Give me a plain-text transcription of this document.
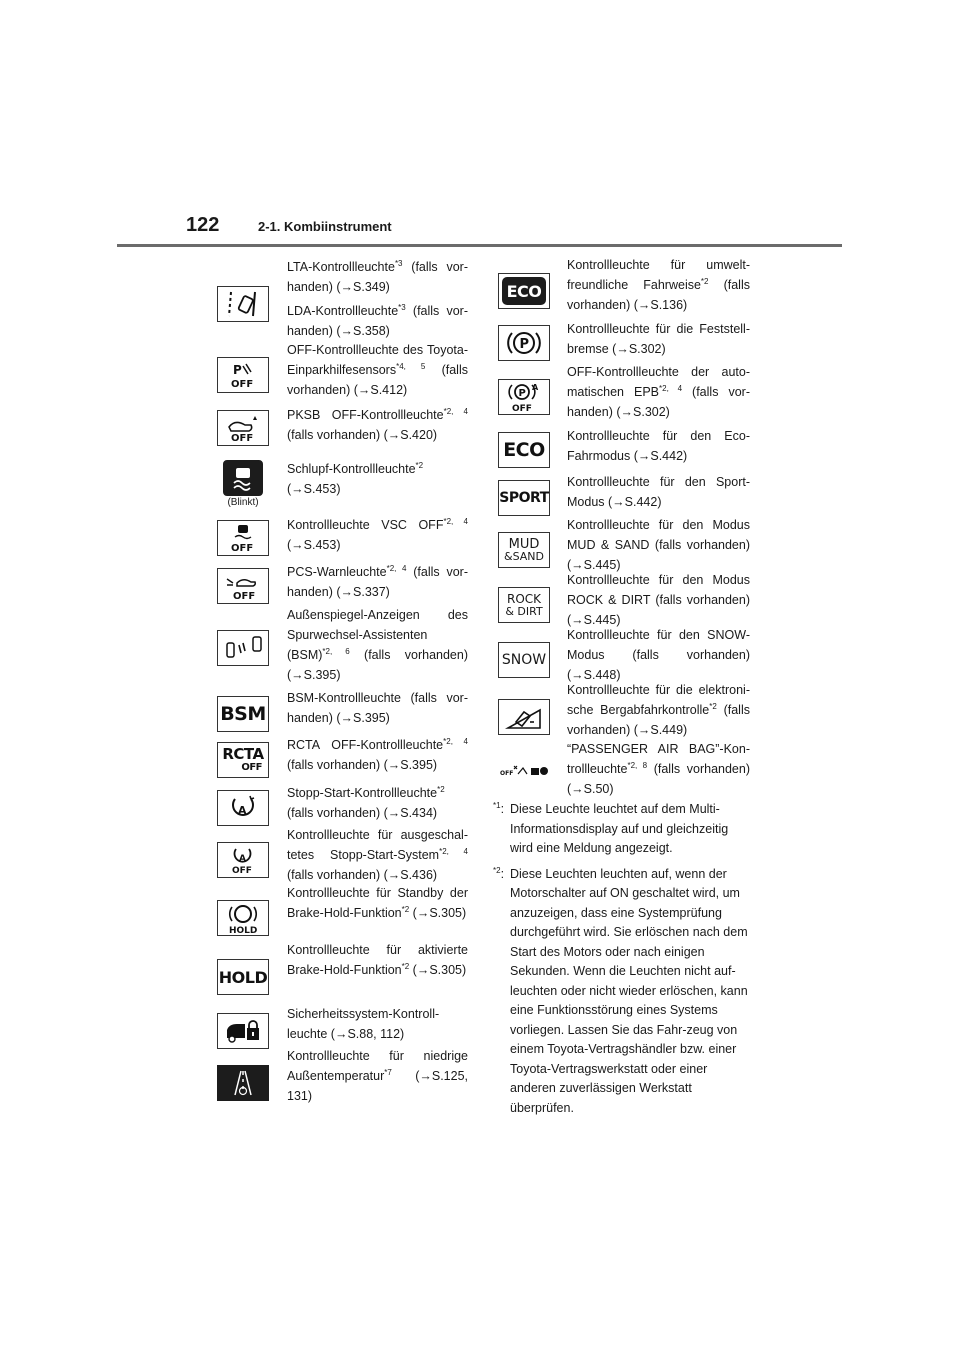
122	2-1. Kombiinstrument

LTA-Kontrollleuchte$^{*3}$ (falls vor-handen) (→S.349)

LDA-Kontrollleuchte$^{*3}$ (falls vor-handen) (→S.358)

P
OFF

OFF-Kontrollleuchte des Toyota-Einparkhilfesensors$^{*4, 5}$ (falls vorhanden) (→S.412)

OFF

PKSB OFF-Kontrollleuchte$^{*2, 4}$ (falls vorhanden) (→S.420)

(Blinkt)

Schlupf-Kontrollleuchte$^{*2}$ (→S.453)

OFF

Kontrollleuchte VSC OFF$^{*2, 4}$ (→S.453)

OFF

PCS-Warnleuchte$^{*2, 4}$ (falls vor-handen) (→S.337)

Außenspiegel-Anzeigen des Spurwechsel-Assistenten (BSM)$^{*2, 6}$ (falls vorhanden) (→S.395)

BSM

BSM-Kontrollleuchte (falls vor-handen) (→S.395)

RCTA
OFF

RCTA OFF-Kontrollleuchte$^{*2, 4}$ (falls vorhanden) (→S.395)

A

Stopp-Start-Kontrollleuchte$^{*2}$ (falls vorhanden) (→S.434)

A
OFF

Kontrollleuchte für ausgeschal-tetes Stopp-Start-System$^{*2, 4}$ (falls vorhanden) (→S.436)

HOLD

Kontrollleuchte für Standby der Brake-Hold-Funktion$^{*2}$ (→S.305)

HOLD

Kontrollleuchte für aktivierte Brake-Hold-Funktion$^{*2}$ (→S.305)

Sicherheitssystem-Kontroll-leuchte (→S.88, 112)

Kontrollleuchte für niedrige Außentemperatur$^{*7}$ (→S.125, 131)

ECO

Kontrollleuchte für umwelt-freundliche Fahrweise$^{*2}$ (falls vorhanden) (→S.136)

P

Kontrollleuchte für die Feststell-bremse (→S.302)

P
A
OFF

OFF-Kontrollleuchte der auto-matischen EPB$^{*2, 4}$ (falls vor-handen) (→S.302)

ECO

Kontrollleuchte für den Eco-Fahrmodus (→S.442)

SPORT

Kontrollleuchte für den Sport-Modus (→S.442)

MUD
&SAND

Kontrollleuchte für den Modus MUD & SAND (falls vorhanden) (→S.445)

ROCK
& DIRT

Kontrollleuchte für den Modus ROCK & DIRT (falls vorhanden) (→S.445)

SNOW

Kontrollleuchte für den SNOW-Modus (falls vorhanden) (→S.448)

Kontrollleuchte für die elektroni-sche Bergabfahrkontrolle$^{*2}$ (falls vorhanden) (→S.449)

OFF

“PASSENGER AIR BAG”-Kon-trollleuchte$^{*2, 8}$ (falls vorhanden) (→S.50)

$^{*1}$: Diese Leuchte leuchtet auf dem Multi-Informationsdisplay auf und gleichzeitig wird eine Meldung angezeigt.
$^{*2}$: Diese Leuchten leuchten auf, wenn der Motorschalter auf ON geschaltet wird, um anzuzeigen, dass eine Systemprüfung durchgeführt wird. Sie erlöschen nach dem Start des Motors oder nach einigen Sekunden. Wenn die Leuchten nicht auf-leuchten oder nicht wieder erlöschen, kann eine Funktionsstörung eines Systems vorliegen. Lassen Sie das Fahr-zeug von einem Toyota-Vertragshändler bzw. einer Toyota-Vertragswerkstatt oder einer anderen zuverlässigen Werkstatt überprüfen.
